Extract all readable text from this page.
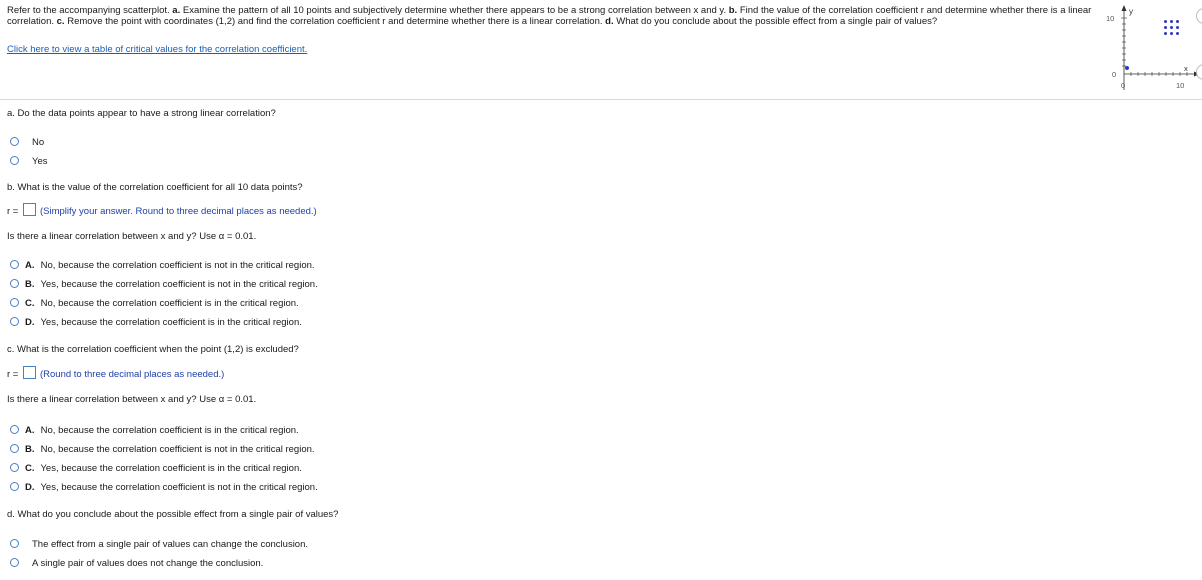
Refer to the accompanying scatterplot. a. Examine the pattern of all 10 points and subjectively determine whether there appears to be a strong correlation between x and y. b. Find the value of the correlation coefficient r and determine whether there is a linear correlation. c. Remove the point with coordinates (1,2) and find the correlation coefficient r and determine whether there is a linear correlation. d. What do you conclude about the possible effect from a single pair of values?
Click here to view a table of critical values for the correlation coefficient.
y
10
0
0	10
x
a. Do the data points appear to have a strong linear correlation?
No
Yes
b. What is the value of the correlation coefficient for all 10 data points?
r = (Simplify your answer. Round to three decimal places as needed.)
Is there a linear correlation between x and y? Use α = 0.01.
A. No, because the correlation coefficient is not in the critical region.
B. Yes, because the correlation coefficient is not in the critical region.
C. No, because the correlation coefficient is in the critical region.
D. Yes, because the correlation coefficient is in the critical region.
c. What is the correlation coefficient when the point (1,2) is excluded?
r = (Round to three decimal places as needed.)
Is there a linear correlation between x and y? Use α = 0.01.
A. No, because the correlation coefficient is in the critical region.
B. No, because the correlation coefficient is not in the critical region.
C. Yes, because the correlation coefficient is in the critical region.
D. Yes, because the correlation coefficient is not in the critical region.
d. What do you conclude about the possible effect from a single pair of values?
The effect from a single pair of values can change the conclusion.
A single pair of values does not change the conclusion.
